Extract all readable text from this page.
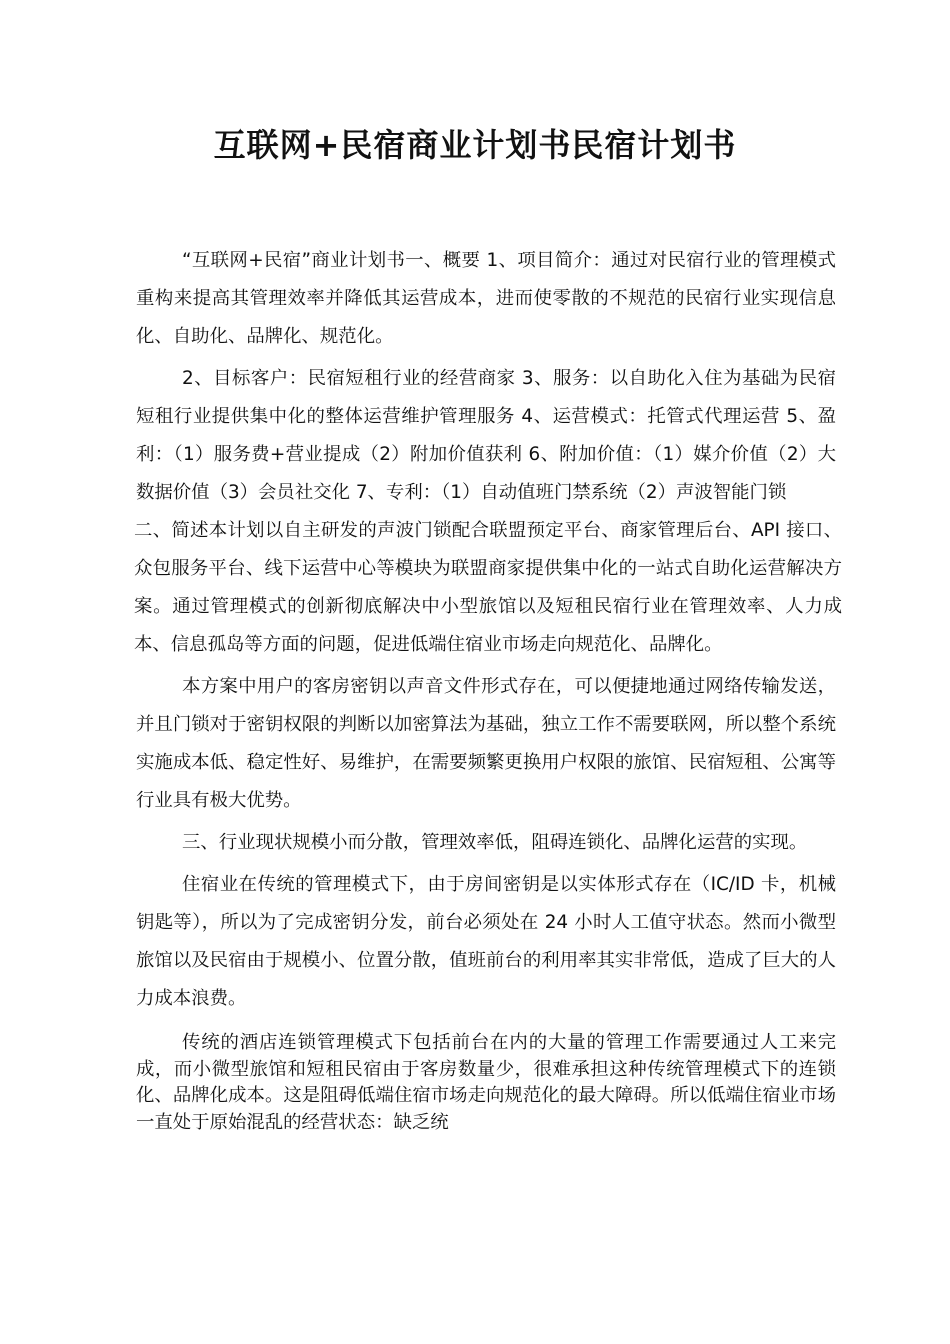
互联网+民宿商业计划书民宿计划书

“互联网+民宿”商业计划书一、概要 1、项目简介：通过对民宿行业的管理模式重构来提高其管理效率并降低其运营成本，进而使零散的不规范的民宿行业实现信息化、自助化、品牌化、规范化。

2、目标客户：民宿短租行业的经营商家 3、服务：以自助化入住为基础为民宿短租行业提供集中化的整体运营维护管理服务 4、运营模式：托管式代理运营 5、盈利：（1）服务费+营业提成（2）附加价值获利 6、附加价值：（1）媒介价值（2）大数据价值（3）会员社交化 7、专利：（1）自动值班门禁系统（2）声波智能门锁

二、简述本计划以自主研发的声波门锁配合联盟预定平台、商家管理后台、API 接口、众包服务平台、线下运营中心等模块为联盟商家提供集中化的一站式自助化运营解决方案。通过管理模式的创新彻底解决中小型旅馆以及短租民宿行业在管理效率、人力成本、信息孤岛等方面的问题，促进低端住宿业市场走向规范化、品牌化。

本方案中用户的客房密钥以声音文件形式存在，可以便捷地通过网络传输发送，并且门锁对于密钥权限的判断以加密算法为基础，独立工作不需要联网，所以整个系统实施成本低、稳定性好、易维护，在需要频繁更换用户权限的旅馆、民宿短租、公寓等行业具有极大优势。

三、行业现状规模小而分散，管理效率低，阻碍连锁化、品牌化运营的实现。

住宿业在传统的管理模式下，由于房间密钥是以实体形式存在（IC/ID 卡，机械钥匙等），所以为了完成密钥分发，前台必须处在 24 小时人工值守状态。然而小微型旅馆以及民宿由于规模小、位置分散，值班前台的利用率其实非常低，造成了巨大的人力成本浪费。

传统的酒店连锁管理模式下包括前台在内的大量的管理工作需要通过人工来完成，而小微型旅馆和短租民宿由于客房数量少，很难承担这种传统管理模式下的连锁化、品牌化成本。这是阻碍低端住宿市场走向规范化的最大障碍。所以低端住宿业市场一直处于原始混乱的经营状态：缺乏统
